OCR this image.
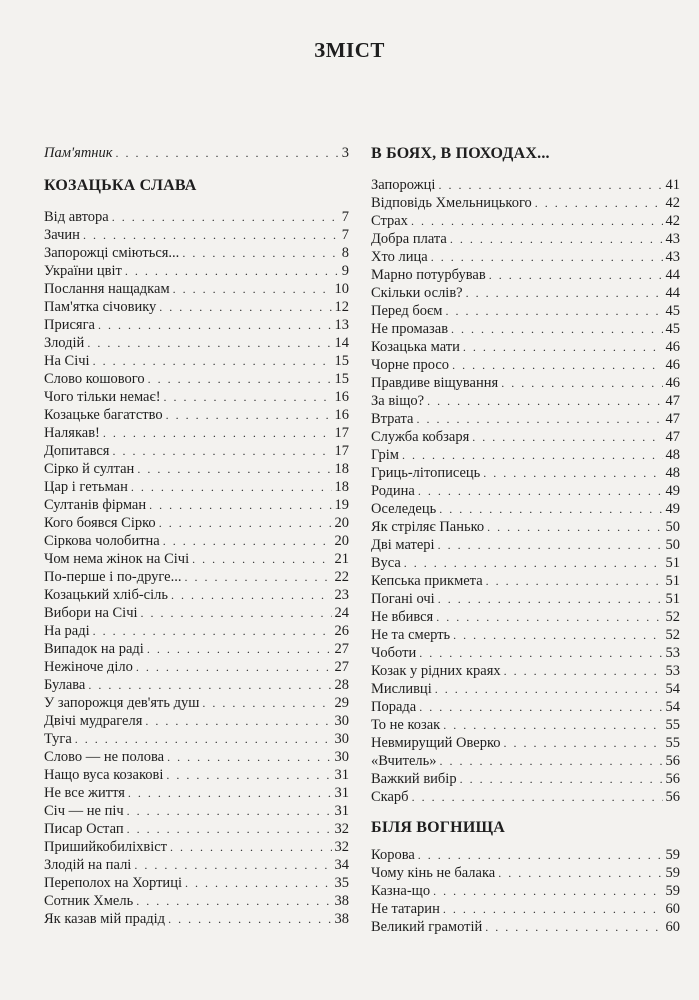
ЗМІСТ
Пам'ятник . . .	3
КОЗАЦЬКА СЛАВА
Від автора . . .	7
Зачин . . .	7
Запорожці сміються... . . .	8
України цвіт . . .	9
Послання нащадкам . . .	10
Пам'ятка січовику . . .	12
Присяга . . .	13
Злодій . . .	14
На Січі . . .	15
Слово кошового . . .	15
Чого тільки немає! . . .	16
Козацьке багатство . . .	16
Налякав! . . .	17
Допитався . . .	17
Сірко й султан . . .	18
Цар і гетьман . . .	18
Султанів фірман . . .	19
Кого боявся Сірко . . .	20
Сіркова чолобитна . . .	20
Чом нема жінок на Січі . . .	21
По-перше і по-друге... . . .	22
Козацький хліб-сіль . . .	23
Вибори на Січі . . .	24
На раді . . .	26
Випадок на раді . . .	27
Нежіноче діло . . .	27
Булава . . .	28
У запорожця дев'ять душ . . .	29
Двічі мудрагеля . . .	30
Туга . . .	30
Слово — не полова . . .	30
Нащо вуса козакові . . .	31
Не все життя . . .	31
Січ — не піч . . .	31
Писар Остап . . .	32
Пришийкобиліхвіст . . .	32
Злодій на палі . . .	34
Переполох на Хортиці . . .	35
Сотник Хмель . . .	38
Як казав мій прадід . . .	38
В БОЯХ, В ПОХОДАХ...
Запорожці . . .	41
Відповідь Хмельницького . . .	42
Страх . . .	42
Добра плата . . .	43
Хто лица . . .	43
Марно потурбував . . .	44
Скільки ослів? . . .	44
Перед боєм . . .	45
Не промазав . . .	45
Козацька мати . . .	46
Чорне просо . . .	46
Правдиве віщування . . .	46
За віщо? . . .	47
Втрата . . .	47
Служба кобзаря . . .	47
Грім . . .	48
Гриць-літописець . . .	48
Родина . . .	49
Оселедець . . .	49
Як стріляє Панько . . .	50
Дві матері . . .	50
Вуса . . .	51
Кепська прикмета . . .	51
Погані очі . . .	51
Не вбився . . .	52
Не та смерть . . .	52
Чоботи . . .	53
Козак у рідних краях . . .	53
Мисливці . . .	54
Порада . . .	54
То не козак . . .	55
Невмирущий Оверко . . .	55
«Вчитель» . . .	56
Важкий вибір . . .	56
Скарб . . .	56
БІЛЯ ВОГНИЩА
Корова . . .	59
Чому кінь не балака . . .	59
Казна-що . . .	59
Не татарин . . .	60
Великий грамотій . . .	60
